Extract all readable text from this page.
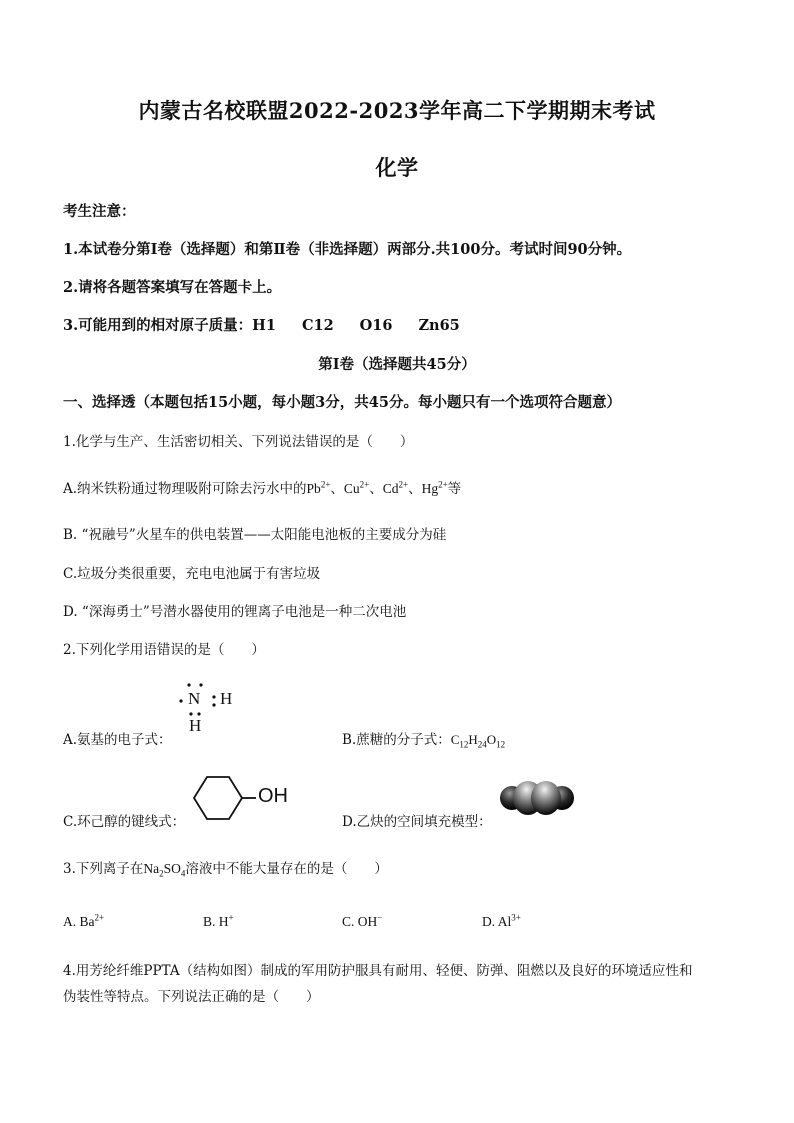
内蒙古名校联盟2022-2023学年高二下学期期末考试
化学
考生注意：
1.本试卷分第Ⅰ卷（选择题）和第Ⅱ卷（非选择题）两部分.共100分。考试时间90分钟。
2.请将各题答案填写在答题卡上。
3.可能用到的相对原子质量：H1 C12 O16 Zn65
第Ⅰ卷（选择题共45分）
一、选择透（本题包括15小题，每小题3分，共45分。每小题只有一个选项符合题意）
1.化学与生产、生活密切相关、下列说法错误的是（　　）
A.纳米铁粉通过物理吸附可除去污水中的$Pb^{2+}$、$Cu^{2+}$、$Cd^{2+}$、$Hg^{2+}$等
B. “祝融号”火星车的供电装置——太阳能电池板的主要成分为硅
C.垃圾分类很重要，充电电池属于有害垃圾
D. “深海勇士”号潜水器使用的锂离子电池是一种二次电池
2.下列化学用语错误的是（　　）
N H
H
A.氨基的电子式：	B.蔗糖的分子式：$C_{12}H_{24}O_{12}$
OH
C.环己醇的键线式：	D.乙炔的空间填充模型：
3.下列离子在$Na_2SO_4$溶液中不能大量存在的是（　　）
A. $Ba^{2+}$	B. H+	C. OH−	D. $Al^{3+}$
4.用芳纶纤维PPTA（结构如图）制成的军用防护服具有耐用、轻便、防弹、阻燃以及良好的环境适应性和
伪装性等特点。下列说法正确的是（　　）
